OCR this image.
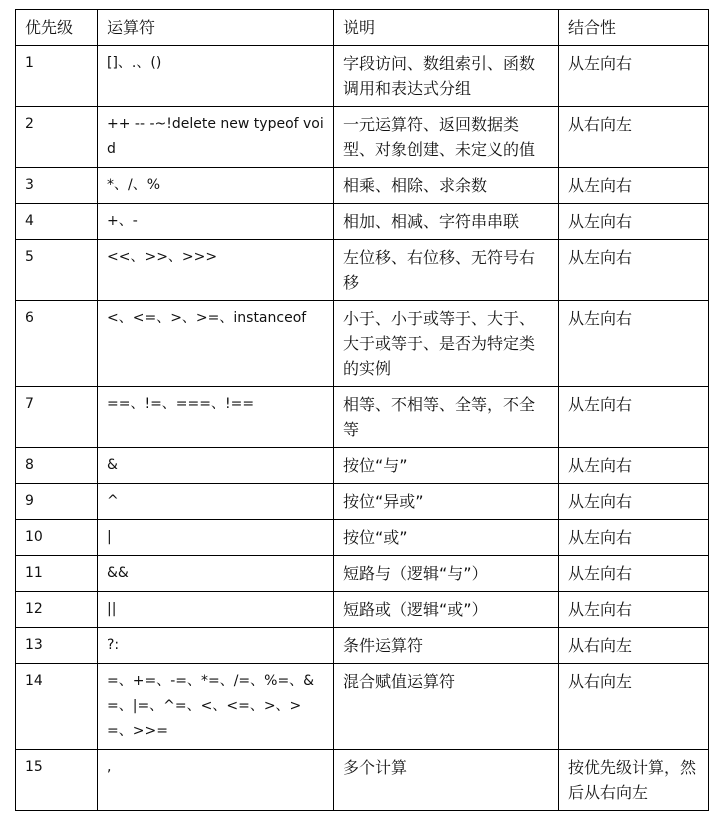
优先级	运算符	说明	结合性
1	[]、.、()	字段访问、数组索引、函数调用和表达式分组	从左向右
2	++ -- -~!delete new typeof void	一元运算符、返回数据类型、对象创建、未定义的值	从右向左
3	*、/、%	相乘、相除、求余数	从左向右
4	+、-	相加、相减、字符串串联	从左向右
5	<<、>>、>>>	左位移、右位移、无符号右移	从左向右
6	<、<=、>、>=、instanceof	小于、小于或等于、大于、大于或等于、是否为特定类的实例	从左向右
7	==、!=、===、!==	相等、不相等、全等，不全等	从左向右
8	&	按位“与”	从左向右
9	^	按位“异或”	从左向右
10	|	按位“或”	从左向右
11	&&	短路与（逻辑“与”）	从左向右
12	||	短路或（逻辑“或”）	从左向右
13	?:	条件运算符	从右向左
14	=、+=、-=、*=、/=、%=、&=、|=、^=、<、<=、>、>=、>>=	混合赋值运算符	从右向左
15	,	多个计算	按优先级计算，然后从右向左
